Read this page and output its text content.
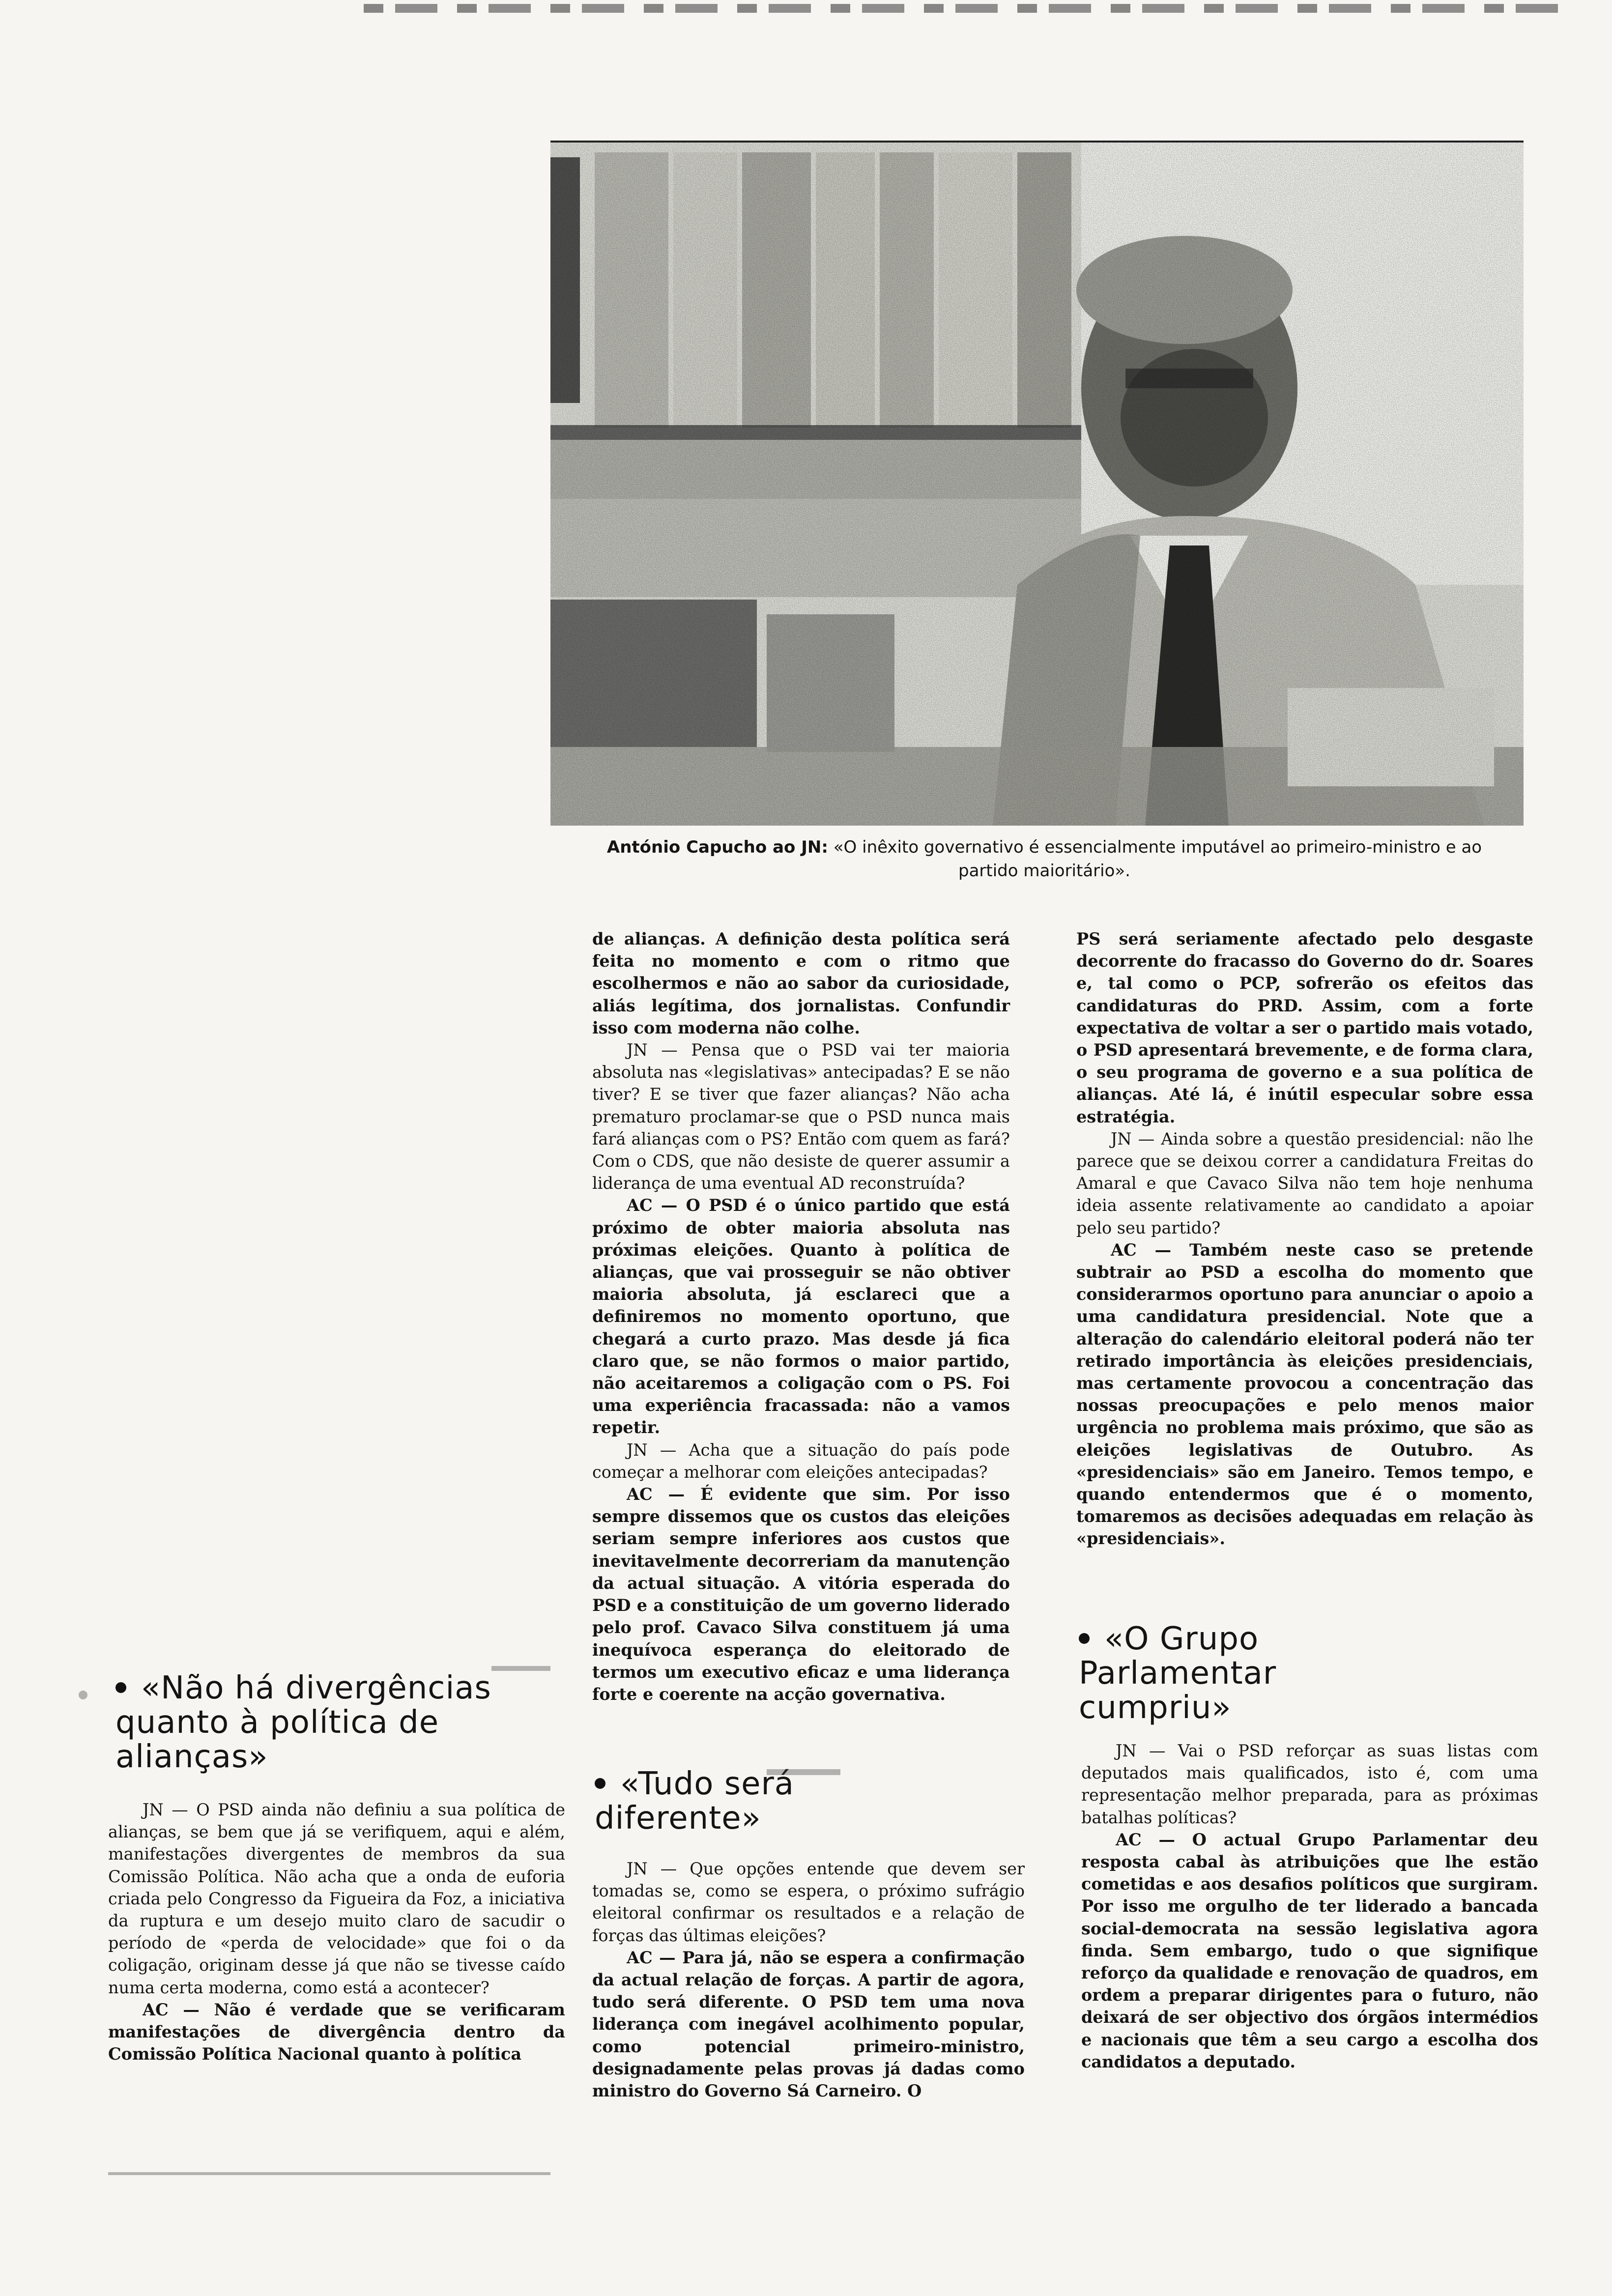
António Capucho ao JN: «O inêxito governativo é essencialmente imputável ao primeiro-ministro e ao partido maioritário».

de alianças. A definição desta política será feita no momento e com o ritmo que escolhermos e não ao sabor da curiosidade, aliás legítima, dos jornalistas. Confundir isso com moderna não colhe.

JN — Pensa que o PSD vai ter maioria absoluta nas «legislativas» antecipadas? E se não tiver? E se tiver que fazer alianças? Não acha prematuro proclamar-se que o PSD nunca mais fará alianças com o PS? Então com quem as fará? Com o CDS, que não desiste de querer assumir a liderança de uma eventual AD reconstruída?

AC — O PSD é o único partido que está próximo de obter maioria absoluta nas próximas eleições. Quanto à política de alianças, que vai prosseguir se não obtiver maioria absoluta, já esclareci que a definiremos no momento oportuno, que chegará a curto prazo. Mas desde já fica claro que, se não formos o maior partido, não aceitaremos a coligação com o PS. Foi uma experiência fracassada: não a vamos repetir.

JN — Acha que a situação do país pode começar a melhorar com eleições antecipadas?

AC — É evidente que sim. Por isso sempre dissemos que os custos das eleições seriam sempre inferiores aos custos que inevitavelmente decorreriam da manutenção da actual situação. A vitória esperada do PSD e a constituição de um governo liderado pelo prof. Cavaco Silva constituem já uma inequívoca esperança do eleitorado de termos um executivo eficaz e uma liderança forte e coerente na acção governativa.

PS será seriamente afectado pelo desgaste decorrente do fracasso do Governo do dr. Soares e, tal como o PCP, sofrerão os efeitos das candidaturas do PRD. Assim, com a forte expectativa de voltar a ser o partido mais votado, o PSD apresentará brevemente, e de forma clara, o seu programa de governo e a sua política de alianças. Até lá, é inútil especular sobre essa estratégia.

JN — Ainda sobre a questão presidencial: não lhe parece que se deixou correr a candidatura Freitas do Amaral e que Cavaco Silva não tem hoje nenhuma ideia assente relativamente ao candidato a apoiar pelo seu partido?

AC — Também neste caso se pretende subtrair ao PSD a escolha do momento que considerarmos oportuno para anunciar o apoio a uma candidatura presidencial. Note que a alteração do calendário eleitoral poderá não ter retirado importância às eleições presidenciais, mas certamente provocou a concentração das nossas preocupações e pelo menos maior urgência no problema mais próximo, que são as eleições legislativas de Outubro. As «presidenciais» são em Janeiro. Temos tempo, e quando entendermos que é o momento, tomaremos as decisões adequadas em relação às «presidenciais».

«O Grupo Parlamentar cumpriu»

JN — Vai o PSD reforçar as suas listas com deputados mais qualificados, isto é, com uma representação melhor preparada, para as próximas batalhas políticas?

AC — O actual Grupo Parlamentar deu resposta cabal às atribuições que lhe estão cometidas e aos desafios políticos que surgiram. Por isso me orgulho de ter liderado a bancada social-democrata na sessão legislativa agora finda. Sem embargo, tudo o que signifique reforço da qualidade e renovação de quadros, em ordem a preparar dirigentes para o futuro, não deixará de ser objectivo dos órgãos intermédios e nacionais que têm a seu cargo a escolha dos candidatos a deputado.

«Não há divergências quanto à política de alianças»

JN — O PSD ainda não definiu a sua política de alianças, se bem que já se verifiquem, aqui e além, manifestações divergentes de membros da sua Comissão Política. Não acha que a onda de euforia criada pelo Congresso da Figueira da Foz, a iniciativa da ruptura e um desejo muito claro de sacudir o período de «perda de velocidade» que foi o da coligação, originam desse já que não se tivesse caído numa certa moderna, como está a acontecer?

AC — Não é verdade que se verificaram manifestações de divergência dentro da Comissão Política Nacional quanto à política

«Tudo será diferente»

JN — Que opções entende que devem ser tomadas se, como se espera, o próximo sufrágio eleitoral confirmar os resultados e a relação de forças das últimas eleições?

AC — Para já, não se espera a confirmação da actual relação de forças. A partir de agora, tudo será diferente. O PSD tem uma nova liderança com inegável acolhimento popular, como potencial primeiro-ministro, designadamente pelas provas já dadas como ministro do Governo Sá Carneiro. O
